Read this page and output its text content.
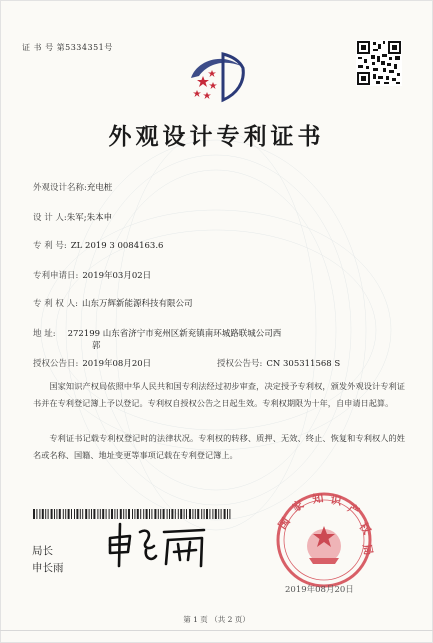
证 书 号 第5334351号
外观设计专利证书
外观设计名称:充电桩
设 计 人:朱军;朱本申
专 利 号: ZL 2019 3 0084163.6
专利申请日: 2019年03月02日
专 利 权 人: 山东万辉新能源科技有限公司
地 址: 272199 山东省济宁市兖州区新兖镇南环城路联城公司西
郭
授权公告日: 2019年08月20日	授权公告号: CN 305311568 S
国家知识产权局依照中华人民共和国专利法经过初步审查，决定授予专利权，颁发外观设计专利证书并在专利登记簿上予以登记。专利权自授权公告之日起生效。专利权期限为十年，自申请日起算。
专利证书记载专利权登记时的法律状况。专利权的转移、质押、无效、终止、恢复和专利权人的姓名或名称、国籍、地址变更等事项记载在专利登记簿上。
局长
申长雨
国
家 知 识
产
权
局
2019年08月20日
第 1 页 （共 2 页）
